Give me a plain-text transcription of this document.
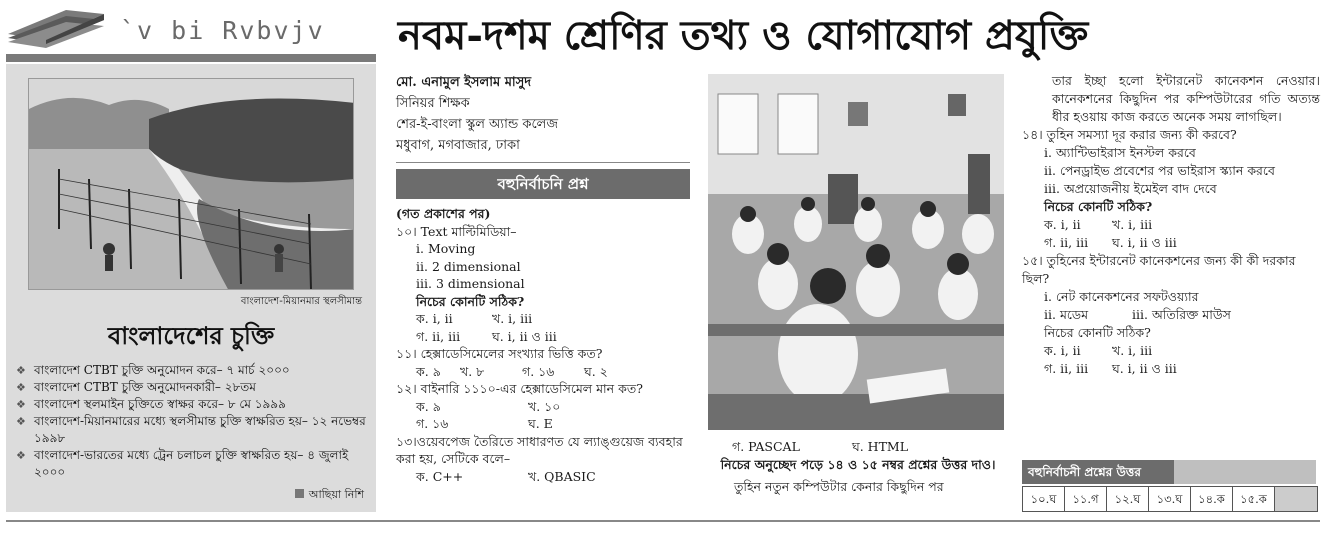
`v bi Rvbvjv নবম-দশম শ্রেণির তথ্য ও যোগাযোগ প্রযুক্তি
বাংলাদেশ-মিয়ানমার স্থলসীমান্ত
বাংলাদেশের চুক্তি
❖ বাংলাদেশ CTBT চুক্তি অনুমোদন করে– ৭ মার্চ ২০০০
❖ বাংলাদেশ CTBT চুক্তি অনুমোদনকারী– ২৮তম
❖ বাংলাদেশ স্থলমাইন চুক্তিতে স্বাক্ষর করে– ৮ মে ১৯৯৯
❖ বাংলাদেশ-মিয়ানমারের মধ্যে স্থলসীমান্ত চুক্তি স্বাক্ষরিত হয়– ১২ নভেম্বর ১৯৯৮
❖ বাংলাদেশ-ভারতের মধ্যে ট্রেন চলাচল চুক্তি স্বাক্ষরিত হয়– ৪ জুলাই ২০০০
আছিয়া নিশি
মো. এনামুল ইসলাম মাসুদ
সিনিয়র শিক্ষক
শের-ই-বাংলা স্কুল অ্যান্ড কলেজ
মধুবাগ, মগবাজার, ঢাকা
বহুনির্বাচনি প্রশ্ন
(গত প্রকাশের পর)
১০। Text মাল্টিমিডিয়া–
i. Moving
ii. 2 dimensional
iii. 3 dimensional
নিচের কোনটি সঠিক?
ক. i, ii	খ. i, iii
গ. ii, iii	ঘ. i, ii ও iii
১১। হেক্সাডেসিমেলের সংখ্যার ভিত্তি কত?
ক. ৯	খ. ৮	গ. ১৬	ঘ. ২
১২। বাইনারি ১১১০-এর হেক্সাডেসিমেল মান কত?
ক. ৯	খ. ১০
গ. ১৬	ঘ. E
১৩।ওয়েবপেজ তৈরিতে সাধারণত যে ল্যাঙ্গুয়েজ ব্যবহার করা হয়, সেটিকে বলে–
ক. C++	খ. QBASIC
গ. PASCAL	ঘ. HTML
নিচের অনুচ্ছেদ পড়ে ১৪ ও ১৫ নম্বর প্রশ্নের উত্তর দাও।
তুহিন নতুন কম্পিউটার কেনার কিছুদিন পর
তার ইচ্ছা হলো ইন্টারনেট কানেকশন নেওয়ার। কানেকশনের কিছুদিন পর কম্পিউটারের গতি অত্যন্ত ধীর হওয়ায় কাজ করতে অনেক সময় লাগছিল।
১৪। তুহিন সমস্যা দূর করার জন্য কী করবে?
i. অ্যান্টিভাইরাস ইনস্টল করবে
ii. পেনড্রাইভ প্রবেশের পর ভাইরাস স্ক্যান করবে
iii. অপ্রয়োজনীয় ইমেইল বাদ দেবে
নিচের কোনটি সঠিক?
ক. i, ii	খ. i, iii
গ. ii, iii	ঘ. i, ii ও iii
১৫। তুহিনের ইন্টারনেট কানেকশনের জন্য কী কী দরকার ছিল?
i. নেট কানেকশনের সফটওয়্যার
ii. মডেম	iii. অতিরিক্ত মাউস
নিচের কোনটি সঠিক?
ক. i, ii	খ. i, iii
গ. ii, iii	ঘ. i, ii ও iii
বহুনির্বাচনী প্রশ্নের উত্তর
১০.ঘ	১১.গ	১২.ঘ	১৩.ঘ	১৪.ক	১৫.ক
